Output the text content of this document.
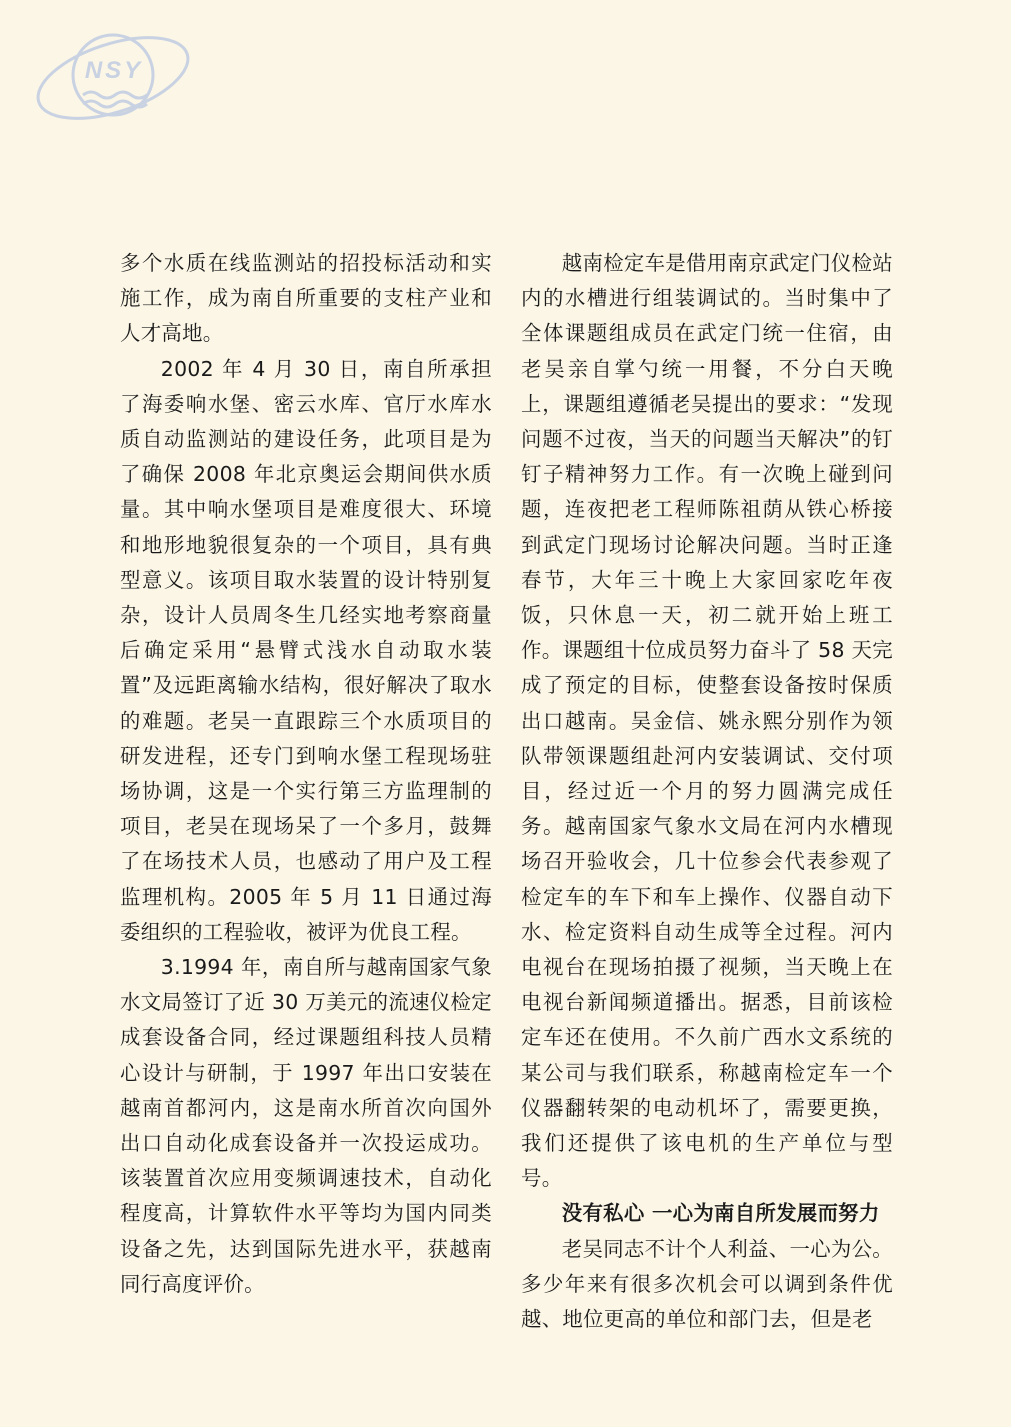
NSY

多个水质在线监测站的招投标活动和实施工作，成为南自所重要的支柱产业和人才高地。

2002 年 4 月 30 日，南自所承担了海委响水堡、密云水库、官厅水库水质自动监测站的建设任务，此项目是为了确保 2008 年北京奥运会期间供水质量。其中响水堡项目是难度很大、环境和地形地貌很复杂的一个项目，具有典型意义。该项目取水装置的设计特别复杂，设计人员周冬生几经实地考察商量后确定采用“悬臂式浅水自动取水装置”及远距离输水结构，很好解决了取水的难题。老吴一直跟踪三个水质项目的研发进程，还专门到响水堡工程现场驻场协调，这是一个实行第三方监理制的项目，老吴在现场呆了一个多月，鼓舞了在场技术人员，也感动了用户及工程监理机构。2005 年 5 月 11 日通过海委组织的工程验收，被评为优良工程。

3.1994 年，南自所与越南国家气象水文局签订了近 30 万美元的流速仪检定成套设备合同，经过课题组科技人员精心设计与研制，于 1997 年出口安装在越南首都河内，这是南水所首次向国外出口自动化成套设备并一次投运成功。该装置首次应用变频调速技术，自动化程度高，计算软件水平等均为国内同类设备之先，达到国际先进水平，获越南同行高度评价。

越南检定车是借用南京武定门仪检站内的水槽进行组装调试的。当时集中了全体课题组成员在武定门统一住宿，由老吴亲自掌勺统一用餐，不分白天晚上，课题组遵循老吴提出的要求：“发现问题不过夜，当天的问题当天解决”的钉钉子精神努力工作。有一次晚上碰到问题，连夜把老工程师陈祖荫从铁心桥接到武定门现场讨论解决问题。当时正逢春节，大年三十晚上大家回家吃年夜饭，只休息一天，初二就开始上班工作。课题组十位成员努力奋斗了 58 天完成了预定的目标，使整套设备按时保质出口越南。吴金信、姚永熙分别作为领队带领课题组赴河内安装调试、交付项目，经过近一个月的努力圆满完成任务。越南国家气象水文局在河内水槽现场召开验收会，几十位参会代表参观了检定车的车下和车上操作、仪器自动下水、检定资料自动生成等全过程。河内电视台在现场拍摄了视频，当天晚上在电视台新闻频道播出。据悉，目前该检定车还在使用。不久前广西水文系统的某公司与我们联系，称越南检定车一个仪器翻转架的电动机坏了，需要更换，我们还提供了该电机的生产单位与型号。

没有私心 一心为南自所发展而努力

老吴同志不计个人利益、一心为公。多少年来有很多次机会可以调到条件优越、地位更高的单位和部门去，但是老
